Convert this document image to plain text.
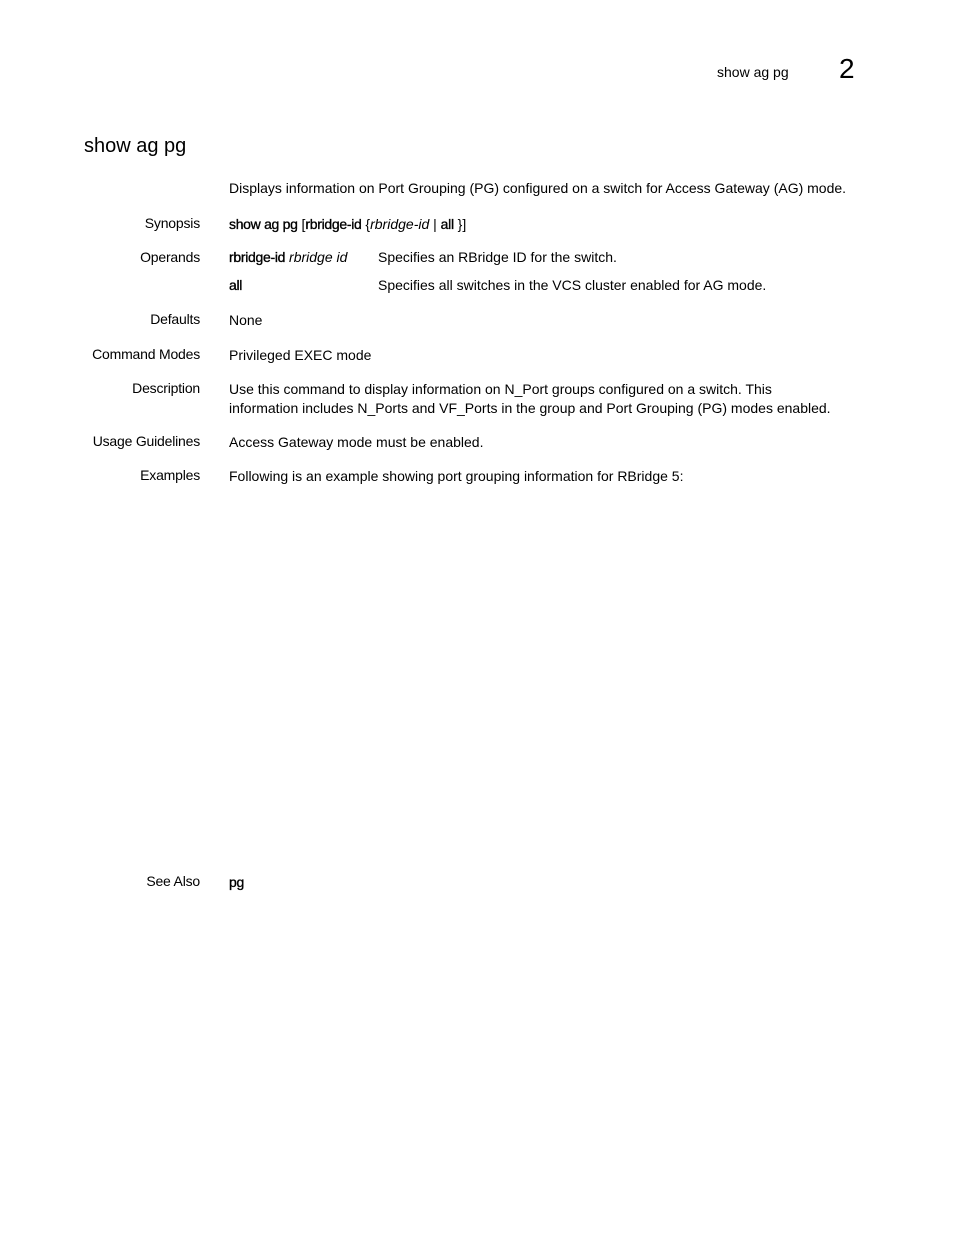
show ag pg 2
show ag pg
Displays information on Port Grouping (PG) configured on a switch for Access Gateway (AG) mode.
Synopsis show ag pg [rbridge-id {rbridge-id | all }]
Operands rbridge-id rbridge id Specifies an RBridge ID for the switch.
all	Specifies all switches in the VCS cluster enabled for AG mode.
Defaults None
Command Modes Privileged EXEC mode
Description Use this command to display information on N_Port groups configured on a switch. This
information includes N_Ports and VF_Ports in the group and Port Grouping (PG) modes enabled.
Usage Guidelines Access Gateway mode must be enabled.
Examples Following is an example showing port grouping information for RBridge 5:
See Also pg
